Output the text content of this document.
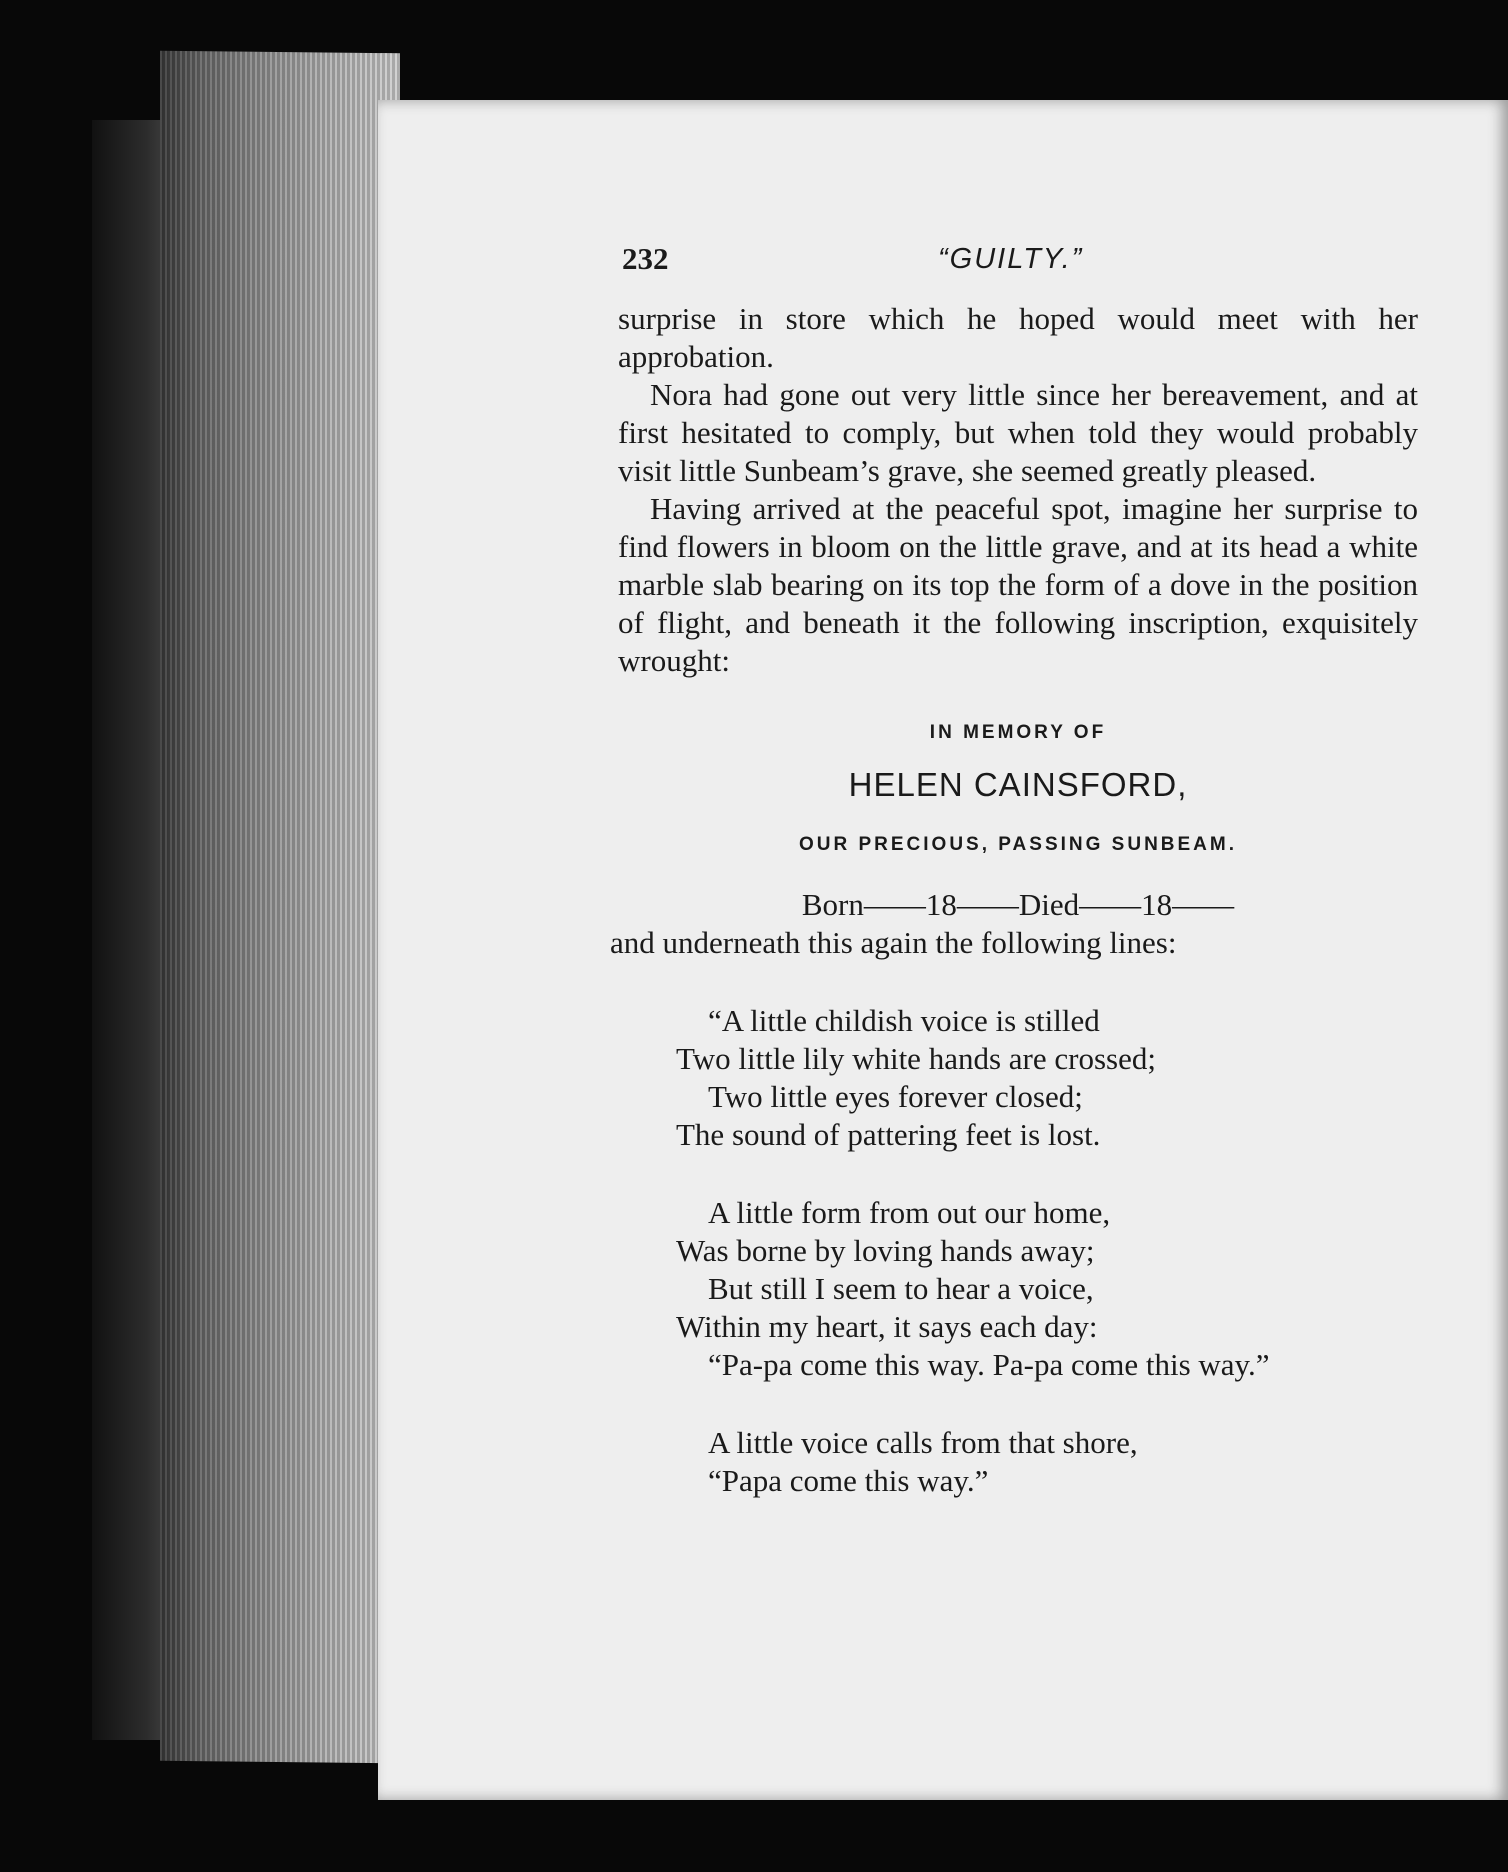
232	“GUILTY.”

surprise in store which he hoped would meet with her approbation.

Nora had gone out very little since her bereavement, and at first hesitated to comply, but when told they would probably visit little Sunbeam’s grave, she seemed greatly pleased.

Having arrived at the peaceful spot, imagine her surprise to find flowers in bloom on the little grave, and at its head a white marble slab bearing on its top the form of a dove in the position of flight, and beneath it the following inscription, exquisitely wrought:

IN MEMORY OF
HELEN CAINSFORD,
OUR PRECIOUS, PASSING SUNBEAM.
Born——18——Died——18——
and underneath this again the following lines:
“A little childish voice is stilled
Two little lily white hands are crossed;
Two little eyes forever closed;
The sound of pattering feet is lost.
A little form from out our home,
Was borne by loving hands away;
But still I seem to hear a voice,
Within my heart, it says each day:
“Pa-pa come this way. Pa-pa come this way.”
A little voice calls from that shore,
“Papa come this way.”
